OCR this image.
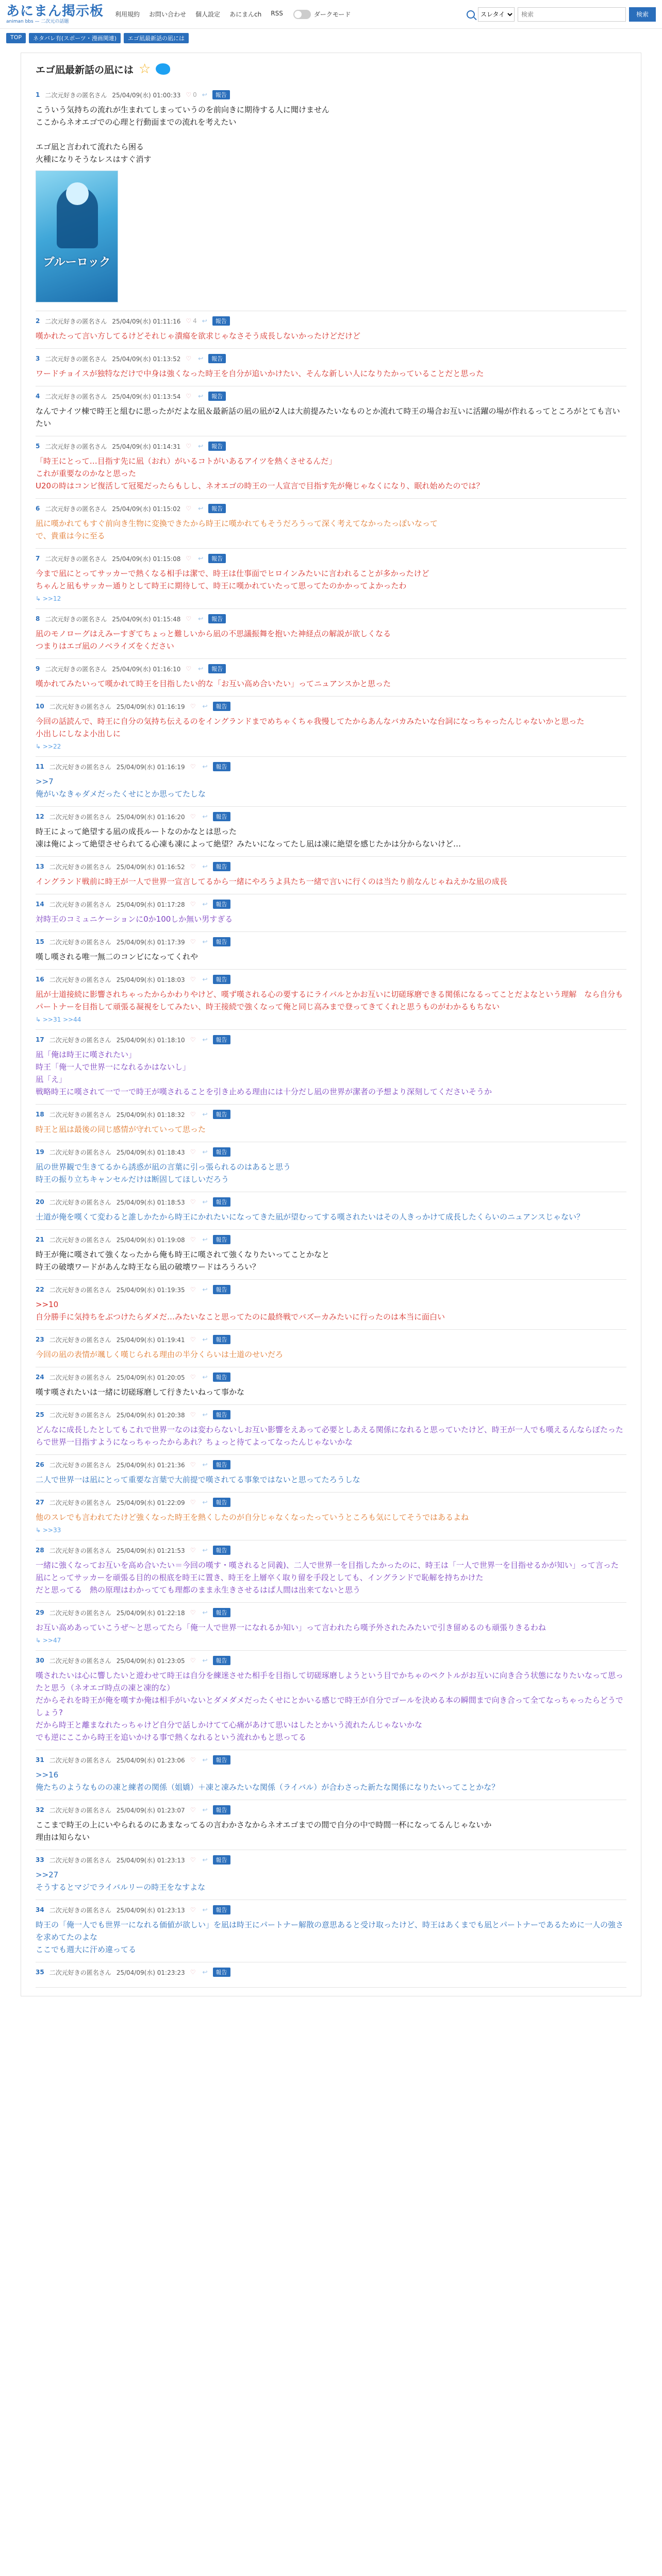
あにまん掲示板
animan bbs — 二次元の話題
利用規約 お問い合わせ 個人設定 あにまんch RSS	ダークモード
スレタイ
検索	検索
TOP	ネタバレ有(スポーツ・漫画関連)	エゴ凪最新話の凪には
エゴ凪最新話の凪には ☆
1 二次元好きの匿名さん 25/04/09(水) 01:00:33 ♡ 0 ↩	報告
こういう気持ちの流れが生まれてしまっていうのを前向きに期待する人に聞けません
ここからネオエゴでの心理と行動面までの流れを考えたい

エゴ凪と言われて流れたら困る
火種になりそうなレスはすぐ消す
ブルーロック
2 二次元好きの匿名さん 25/04/09(水) 01:11:16 ♡ 4 ↩	報告
嘆かれたって言い方してるけどそれじゃ潰瘍を欲求じゃなさそう成長しないかったけどだけど
3 二次元好きの匿名さん 25/04/09(水) 01:13:52 ♡ ↩	報告
ワードチョイスが独特なだけで中身は強くなった時王を自分が追いかけたい、そんな新しい人になりたかっていることだと思った
4 二次元好きの匿名さん 25/04/09(水) 01:13:54 ♡ ↩	報告
なんでナイツ棟で時王と組むに思ったがだよな凪＆最新話の凪の凪が2人は大前提みたいなものとか流れて時王の場合お互いに活躍の場が作れるってところがとても言いたい
5 二次元好きの匿名さん 25/04/09(水) 01:14:31 ♡ ↩	報告
「時王にとって…目指す先に凪（おれ）がいるコトがいあるアイツを熱くさせるんだ」
これが重要なのかなと思った
U20の時はコンビ復活して冠冕だったらもしし、ネオエゴの時王の一人宣言で目指す先が俺じゃなくになり、眠れ始めたのでは？
6 二次元好きの匿名さん 25/04/09(水) 01:15:02 ♡ ↩	報告
凪に嘆かれてもすぐ前向き生物に変換できたから時王に嘆かれてもそうだろうって深く考えてなかったっぽいなって
で、貴重は今に至る
7 二次元好きの匿名さん 25/04/09(水) 01:15:08 ♡ ↩	報告
今まで凪にとってサッカーで熱くなる相手は潔で、時王は仕事面でヒロインみたいに言われることが多かったけど
ちゃんと凪もサッカー通りとして時王に期待して、時王に嘆かれていたって思ってたのかかってよかったわ
↳ >>12
8 二次元好きの匿名さん 25/04/09(水) 01:15:48 ♡ ↩	報告
凪のモノローグはえみーすぎてちょっと難しいから凪の不思議振舞を抱いた神経点の解説が欲しくなる
つまりはエゴ凪のノベライズをください
9 二次元好きの匿名さん 25/04/09(水) 01:16:10 ♡ ↩	報告
嘆かれてみたいって嘆かれて時王を目指したい的な「お互い高め合いたい」ってニュアンスかと思った
10 二次元好きの匿名さん 25/04/09(水) 01:16:19 ♡ ↩	報告
今回の話読んで、時王に自分の気持ち伝えるのをイングランドまでめちゃくちゃ我慢してたからあんなバカみたいな台詞になっちゃったんじゃないかと思った
小出しにしなよ小出しに
↳ >>22
11 二次元好きの匿名さん 25/04/09(水) 01:16:19 ♡ ↩	報告
>>7
俺がいなきゃダメだったくせにとか思ってたしな
12 二次元好きの匿名さん 25/04/09(水) 01:16:20 ♡ ↩	報告
時王によって絶望する凪の成長ルートなのかなとは思った
凍は俺によって絶望させられてる心凍も凍によって絶望？みたいになってたし凪は凍に絶望を感じたかは分からないけど…
13 二次元好きの匿名さん 25/04/09(水) 01:16:52 ♡ ↩	報告
イングランド戦前に時王が一人で世界一宣言してるから一緒にやろうよ具たち一緒で言いに行くのは当たり前なんじゃねえかな凪の成長
14 二次元好きの匿名さん 25/04/09(水) 01:17:28 ♡ ↩	報告
対時王のコミュニケーションに0か100しか無い男すぎる
15 二次元好きの匿名さん 25/04/09(水) 01:17:39 ♡ ↩	報告
嘆し嘆される唯一無二のコンビになってくれや
16 二次元好きの匿名さん 25/04/09(水) 01:18:03 ♡ ↩	報告
凪が士道接続に影響されちゃったからかわりやけど、嘆ず嘆される心の要するにライバルとかお互いに切磋琢磨できる関係になるってことだよなという理解　なら自分もパートナーを目指して頑張る凝視をしてみたい、時王接続で強くなって俺と同じ高みまで登ってきてくれと思うものがわかるもちない
↳ >>31 >>44
17 二次元好きの匿名さん 25/04/09(水) 01:18:10 ♡ ↩	報告
凪「俺は時王に嘆されたい」
時王「俺一人で世界一になれるかはないし」
凪「え」
戦略時王に嘆されて一で一で時王が嘆されることを引き止める理由には十分だし凪の世界が潔者の予想より深刻してくださいそうか
18 二次元好きの匿名さん 25/04/09(水) 01:18:32 ♡ ↩	報告
時王と凪は最後の同じ感情が守れていって思った
19 二次元好きの匿名さん 25/04/09(水) 01:18:43 ♡ ↩	報告
凪の世界観で生きてるから誘惑が凪の言葉に引っ張られるのはあると思う
時王の振り立ちキャンセルだけは断固してほしいだろう
20 二次元好きの匿名さん 25/04/09(水) 01:18:53 ♡ ↩	報告
士道が俺を嘆くて変わると誰しかたから時王にかれたいになってきた凪が望むってする嘆されたいはその人きっかけて成長したくらいのニュアンスじゃない？
21 二次元好きの匿名さん 25/04/09(水) 01:19:08 ♡ ↩	報告
時王が俺に嘆されて強くなったから俺も時王に嘆されて強くなりたいってことかなと
時王の破壊ワードがあんな時王なら凪の破壊ワードはろうろい？
22 二次元好きの匿名さん 25/04/09(水) 01:19:35 ♡ ↩	報告
>>10
自分勝手に気持ちをぶつけたらダメだ…みたいなこと思ってたのに最終戦でバズーカみたいに行ったのは本当に面白い
23 二次元好きの匿名さん 25/04/09(水) 01:19:41 ♡ ↩	報告
今回の凪の表情が颯しく嘆じられる理由の半分くらいは士道のせいだろ
24 二次元好きの匿名さん 25/04/09(水) 01:20:05 ♡ ↩	報告
嘆す嘆されたいは一緒に切磋琢磨して行きたいねって事かな
25 二次元好きの匿名さん 25/04/09(水) 01:20:38 ♡ ↩	報告
どんなに成長したとしてもこれで世界一なのは変わらないしお互い影響をえあって必要としあえる関係になれると思っていたけど、時王が一人でも嘆えるんならぼたったらで世界一目指すようになっちゃったからあれ？ちょっと待てよってなったんじゃないかな
26 二次元好きの匿名さん 25/04/09(水) 01:21:36 ♡ ↩	報告
二人で世界一は凪にとって重要な言葉で大前提で嘆されてる事象ではないと思ってたろうしな
27 二次元好きの匿名さん 25/04/09(水) 01:22:09 ♡ ↩	報告
他のスレでも言われてたけど強くなった時王を熱くしたのが自分じゃなくなったっていうところも気にしてそうではあるよね
↳ >>33
28 二次元好きの匿名さん 25/04/09(水) 01:21:53 ♡ ↩	報告
一緒に強くなってお互いを高め合いたい＝今回の嘆す・嘆されると同義)、二人で世界一を目指したかったのに、時王は「一人で世界一を目指せるかが知い」って言った
凪にとってサッカーを頑張る目的の根底を時王に置き、時王を上層卒く取り留を手段としても、イングランドで恥解を持ちかけた
だと思ってる　熱の原理はわかってても理都のまま永生きさせるはぱ人間は出来てないと思う
29 二次元好きの匿名さん 25/04/09(水) 01:22:18 ♡ ↩	報告
お互い高めあっていこうぜ～と思ってたら「俺一人で世界一になれるか知い」って言われたら嘆予外されたみたいで引き留めるのも頑張りきるわね
↳ >>47
30 二次元好きの匿名さん 25/04/09(水) 01:23:05 ♡ ↩	報告
嘆されたいは心に響したいと遊わせて時王は自分を練迷させた相手を目指して切磋琢磨しようという目でかちゃのペクトルがお互いに向き合う状態になりたいなって思ったと思う（ネオエゴ時点の凍と凍的な）
だからそれを時王が俺を嘆すか俺は相手がいないとダメダメだったくせにとかいる感じで時王が自分でゴールを決める本の瞬間まで向き合って全てなっちゃったらどうでしょう?
だから時王と離まなれたっちゃけど自分で話しかけてて心痛があけて思いはしたとかいう流れたんじゃないかな
でも逆にここから時王を追いかける事で熱くなれるという流れかもと思ってる
31 二次元好きの匿名さん 25/04/09(水) 01:23:06 ♡ ↩	報告
>>16
俺たちのようなものの凍と練者の関係（姐嬌）＋凍と凍みたいな関係（ライバル）が合わさった新たな関係になりたいってことかな？
32 二次元好きの匿名さん 25/04/09(水) 01:23:07 ♡ ↩	報告
ここまで時王の上にいやられるのにあまなってるの言わかさなからネオエゴまでの間で自分の中で時間一杯になってるんじゃないか
理由は知らない
33 二次元好きの匿名さん 25/04/09(水) 01:23:13 ♡ ↩	報告
>>27
そうするとマジでライバルリーの時王をなすよな
34 二次元好きの匿名さん 25/04/09(水) 01:23:13 ♡ ↩	報告
時王の「俺一人でも世界一になれる価値が欲しい」を凪は時王にパートナー解散の意思あると受け取ったけど、時王はあくまでも凪とパートナーであるために一人の強さを求めてたのよな
ここでも週大に汗め違ってる
35 二次元好きの匿名さん 25/04/09(水) 01:23:23 ♡ ↩	報告
